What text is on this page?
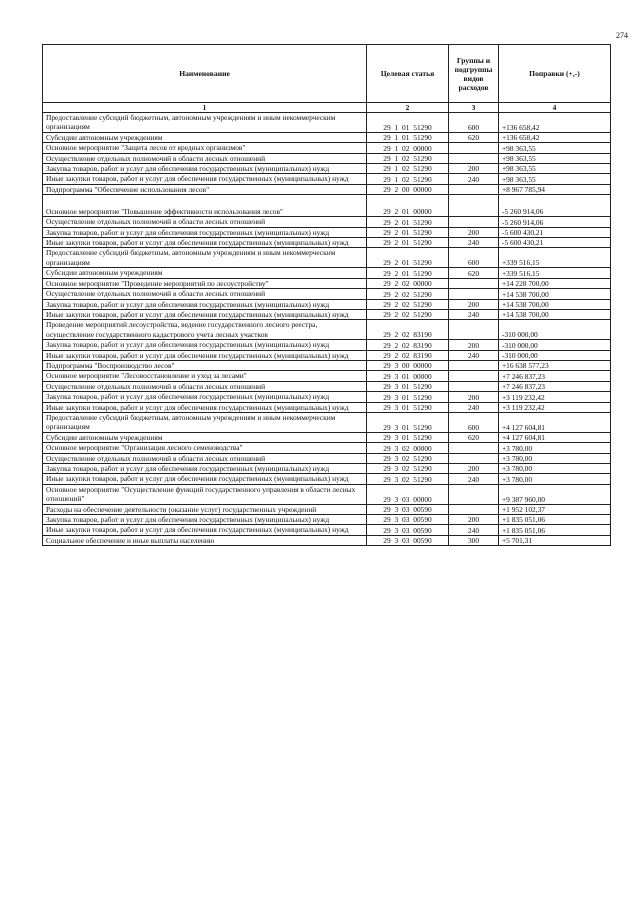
274
Наименование	Целевая статья	Группы и подгруппы видов расходов	Поправки (+,-)
1	2	3	4
Предоставление субсидий бюджетным, автономным учреждениям и иным некоммерческим организациям	29 1 01 51290	600	+136 658,42
Субсидии автономным учреждениям	29 1 01 51290	620	+136 658,42
Основное мероприятие "Защита лесов от вредных организмов"	29 1 02 00000		+98 363,55
Осуществление отдельных полномочий в области лесных отношений	29 1 02 51290		+98 363,55
Закупка товаров, работ и услуг для обеспечения государственных (муниципальных) нужд	29 1 02 51290	200	+98 363,55
Иные закупки товаров, работ и услуг для обеспечения государственных (муниципальных) нужд	29 1 02 51290	240	+98 363,55
Подпрограмма "Обеспечение использования лесов"	29 2 00 00000		+8 967 785,94
Основное мероприятие "Повышение эффективности использования лесов"	29 2 01 00000		-5 260 914,06
Осуществление отдельных полномочий в области лесных отношений	29 2 01 51290		-5 260 914,06
Закупка товаров, работ и услуг для обеспечения государственных (муниципальных) нужд	29 2 01 51290	200	-5 600 430,21
Иные закупки товаров, работ и услуг для обеспечения государственных (муниципальных) нужд	29 2 01 51290	240	-5 600 430,21
Предоставление субсидий бюджетным, автономным учреждениям и иным некоммерческим организациям	29 2 01 51290	600	+339 516,15
Субсидии автономным учреждениям	29 2 01 51290	620	+339 516,15
Основное мероприятие "Проведение мероприятий по лесоустройству"	29 2 02 00000		+14 228 700,00
Осуществление отдельных полномочий в области лесных отношений	29 2 02 51290		+14 538 700,00
Закупка товаров, работ и услуг для обеспечения государственных (муниципальных) нужд	29 2 02 51290	200	+14 538 700,00
Иные закупки товаров, работ и услуг для обеспечения государственных (муниципальных) нужд	29 2 02 51290	240	+14 538 700,00
Проведение мероприятий лесоустройства, ведение государственного лесного реестра, осуществление государственного кадастрового учета лесных участков	29 2 02 83190		-310 000,00
Закупка товаров, работ и услуг для обеспечения государственных (муниципальных) нужд	29 2 02 83190	200	-310 000,00
Иные закупки товаров, работ и услуг для обеспечения государственных (муниципальных) нужд	29 2 02 83190	240	-310 000,00
Подпрограмма "Воспроизводство лесов"	29 3 00 00000		+16 638 577,23
Основное мероприятие "Лесовосстановление и уход за лесами"	29 3 01 00000		+7 246 837,23
Осуществление отдельных полномочий в области лесных отношений	29 3 01 51290		+7 246 837,23
Закупка товаров, работ и услуг для обеспечения государственных (муниципальных) нужд	29 3 01 51290	200	+3 119 232,42
Иные закупки товаров, работ и услуг для обеспечения государственных (муниципальных) нужд	29 3 01 51290	240	+3 119 232,42
Предоставление субсидий бюджетным, автономным учреждениям и иным некоммерческим организациям	29 3 01 51290	600	+4 127 604,81
Субсидии автономным учреждениям	29 3 01 51290	620	+4 127 604,81
Основное мероприятие "Организация лесного семеноводства"	29 3 02 00000		+3 780,00
Осуществление отдельных полномочий в области лесных отношений	29 3 02 51290		+3 780,00
Закупка товаров, работ и услуг для обеспечения государственных (муниципальных) нужд	29 3 02 51290	200	+3 780,00
Иные закупки товаров, работ и услуг для обеспечения государственных (муниципальных) нужд	29 3 02 51290	240	+3 780,00
Основное мероприятие "Осуществление функций государственного управления в области лесных отношений"	29 3 03 00000		+9 387 960,00
Расходы на обеспечение деятельности (оказание услуг) государственных учреждений	29 3 03 00590		+1 952 102,37
Закупка товаров, работ и услуг для обеспечения государственных (муниципальных) нужд	29 3 03 00590	200	+1 835 051,06
Иные закупки товаров, работ и услуг для обеспечения государственных (муниципальных) нужд	29 3 03 00590	240	+1 835 051,06
Социальное обеспечение и иные выплаты населению	29 3 03 00590	300	+5 701,31
